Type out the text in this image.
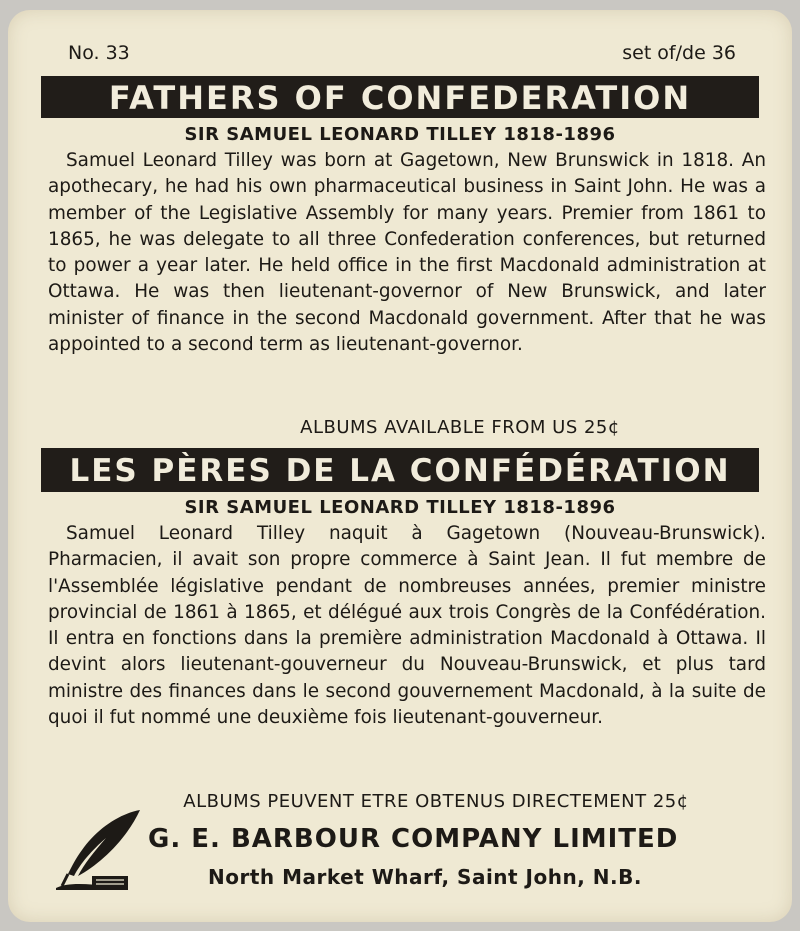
No. 33	set of/de 36
FATHERS OF CONFEDERATION
SIR SAMUEL LEONARD TILLEY 1818-1896
Samuel Leonard Tilley was born at Gagetown, New Brunswick in 1818. An apothecary, he had his own pharmaceutical business in Saint John. He was a member of the Legislative Assembly for many years. Premier from 1861 to 1865, he was delegate to all three Confederation conferences, but returned to power a year later. He held office in the first Macdonald administration at Ottawa. He was then lieutenant-governor of New Brunswick, and later minister of finance in the second Macdonald government. After that he was appointed to a second term as lieutenant-governor.
ALBUMS AVAILABLE FROM US 25¢
LES PÈRES DE LA CONFÉDÉRATION
SIR SAMUEL LEONARD TILLEY 1818-1896
Samuel Leonard Tilley naquit à Gagetown (Nouveau-Brunswick). Pharmacien, il avait son propre commerce à Saint Jean. Il fut membre de l'Assemblée législative pendant de nombreuses années, premier ministre provincial de 1861 à 1865, et délégué aux trois Congrès de la Confédération. Il entra en fonctions dans la première administration Macdonald à Ottawa. Il devint alors lieutenant-gouverneur du Nouveau-Brunswick, et plus tard ministre des finances dans le second gouvernement Macdonald, à la suite de quoi il fut nommé une deuxième fois lieutenant-gouverneur.
ALBUMS PEUVENT ETRE OBTENUS DIRECTEMENT 25¢
G. E. BARBOUR COMPANY LIMITED
North Market Wharf, Saint John, N.B.
